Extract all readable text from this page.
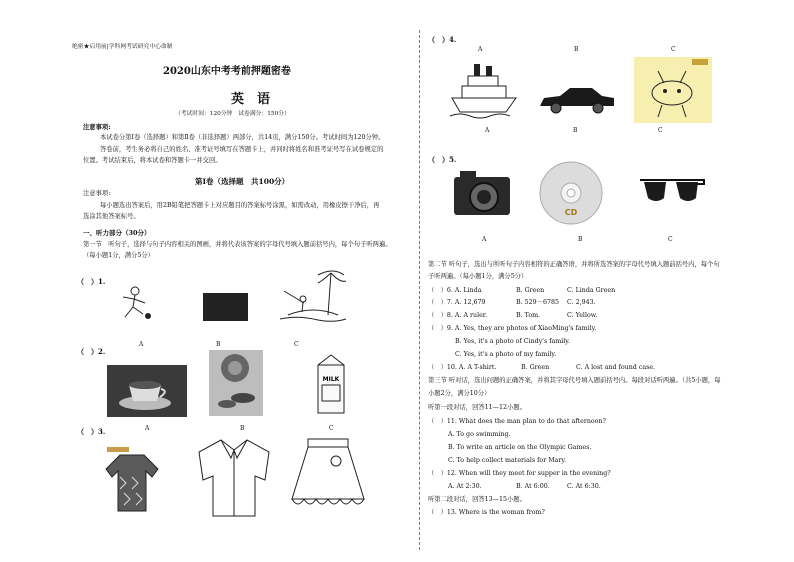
绝密★启用前|学科网考试研究中心命制
2020山东中考考前押题密卷
英　语
（考试时间：120分钟　试卷满分：150分）
注意事项:
本试卷分第Ⅰ卷（选择题）和第Ⅱ卷（非选择题）两部分，共14页，满分150分。考试时间为120分钟。
答卷前，考生务必将自己的姓名、准考证号填写在答题卡上，并同时将姓名和准考证号写在试卷规定的
位置。考试结束后，将本试卷和答题卡一并交回。
第Ⅰ卷（选择题　共100分）
注意事项:
每小题选出答案后，用2B铅笔把答题卡上对应题目的答案标号涂黑，如需改动，用橡皮擦干净后，再
选涂其他答案标号。
一、听力部分（30分）
第一节　听句子，选择与句子内容相关的图画，并将代表该答案的字母代号填入题前括号内，每个句子听两遍。
（每小题1分，满分5分）
（　）1.
（　）2.
A	B	C
MILK
（　）3.	A	B	C
（　）4.
A	B	C
A	B	C
（　）5.
CD
A	B	C
第二节 听句子，选出与所听句子内容相符的正确答语，并将所选答案的字母代号填入题前括号内，每个句
子听两遍。（每小题1分，满分5分）
（　）6. A. Linda	B. Green	C. Linda Green
（　）7. A. 12,679	B. 529－6785 C. 2,943.
（　）8. A. A ruler.	B. Tom.	C. Yellow.
（　）9. A. Yes, they are photos of XiaoMing's family.
B. Yes, it's a photo of Cindy's family.
C. Yes, it's a photo of my family.
（　）10. A. A T-shirt.	B. Green	C. A lost and found case.
第三节 听对话，选出问题的正确答案，并将其字母代号填入题前括号内。每段对话听两遍。（共5小题，每
小题2分，满分10分）
听第一段对话，回答11—12小题。
（　）11. What does the man plan to do that afternoon?
A. To go swimming.
B. To write an article on the Olympic Games.
C. To help collect materials for Mary.
（　）12. When will they meet for supper in the evening?
A. At 2:30.	B. At 6:00.	C. At 6:30.
听第二段对话，回答13—15小题。
（　）13. Where is the woman from?
